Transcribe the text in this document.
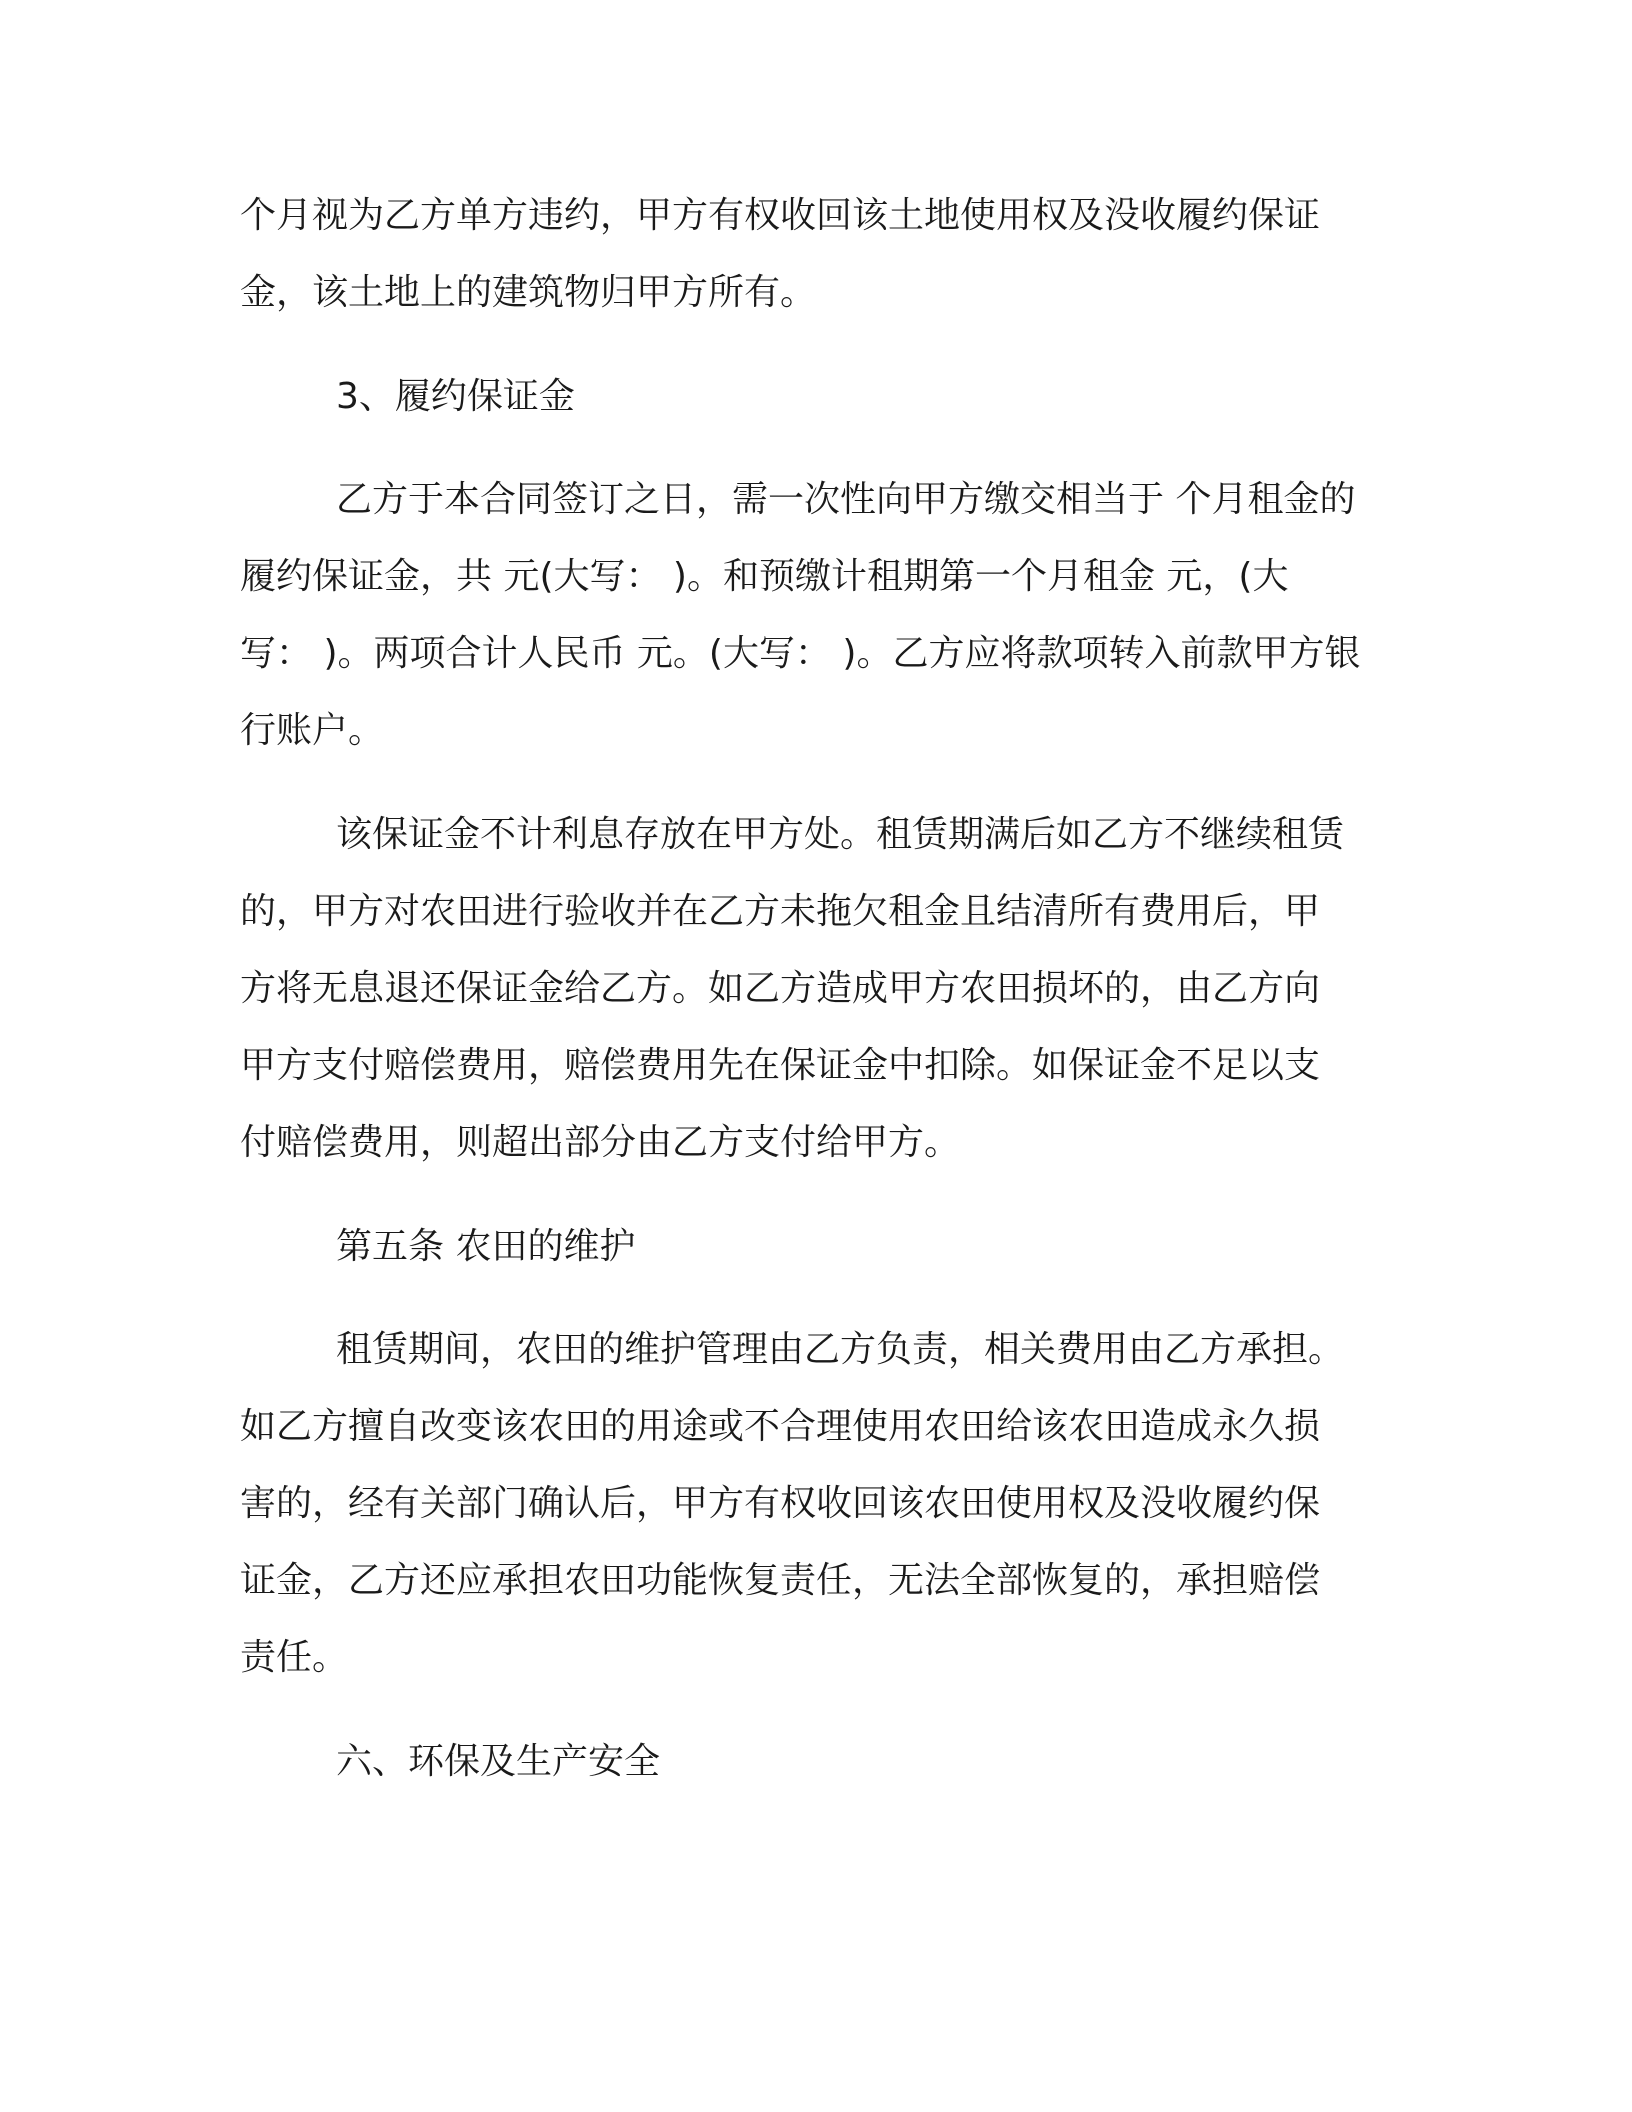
个月视为乙方单方违约，甲方有权收回该土地使用权及没收履约保证
金，该土地上的建筑物归甲方所有。
3、履约保证金
乙方于本合同签订之日，需一次性向甲方缴交相当于 个月租金的
履约保证金，共 元(大写： )。和预缴计租期第一个月租金 元，(大
写： )。两项合计人民币 元。(大写： )。乙方应将款项转入前款甲方银
行账户。
该保证金不计利息存放在甲方处。租赁期满后如乙方不继续租赁
的，甲方对农田进行验收并在乙方未拖欠租金且结清所有费用后，甲
方将无息退还保证金给乙方。如乙方造成甲方农田损坏的，由乙方向
甲方支付赔偿费用，赔偿费用先在保证金中扣除。如保证金不足以支
付赔偿费用，则超出部分由乙方支付给甲方。
第五条 农田的维护
租赁期间，农田的维护管理由乙方负责，相关费用由乙方承担。
如乙方擅自改变该农田的用途或不合理使用农田给该农田造成永久损
害的，经有关部门确认后，甲方有权收回该农田使用权及没收履约保
证金，乙方还应承担农田功能恢复责任，无法全部恢复的，承担赔偿
责任。
六、环保及生产安全
